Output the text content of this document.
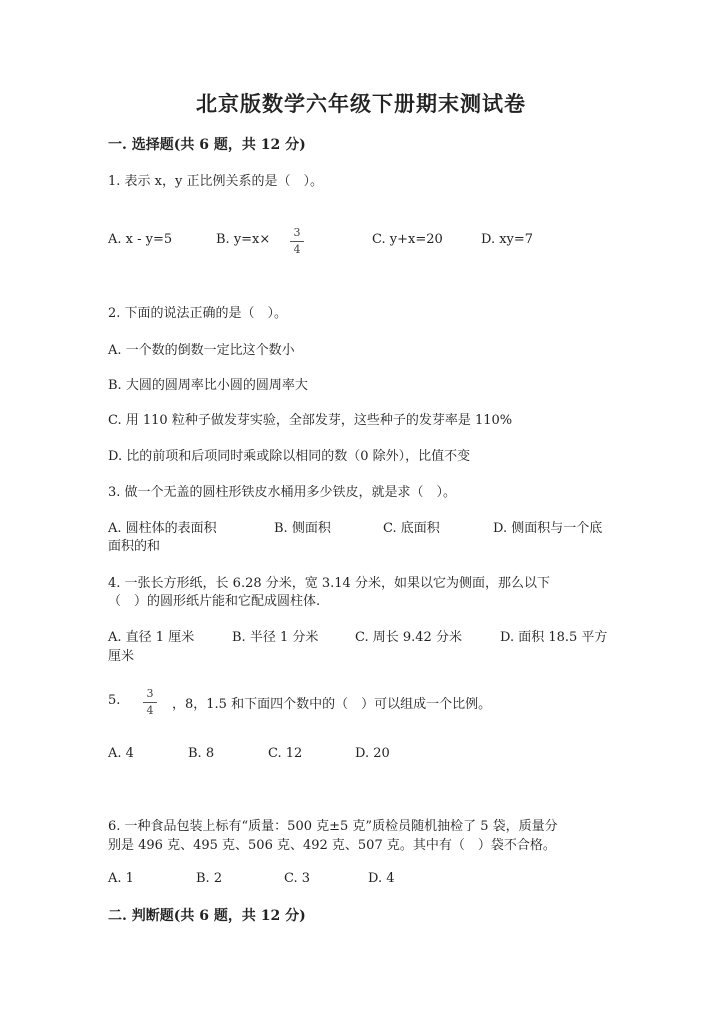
北京版数学六年级下册期末测试卷
一. 选择题(共 6 题，共 12 分)
1. 表示 x，y 正比例关系的是（　）。
A. x - y=5	B. y=x×	3
4
C. y+x=20	D. xy=7
2. 下面的说法正确的是（　）。
A. 一个数的倒数一定比这个数小
B. 大圆的圆周率比小圆的圆周率大
C. 用 110 粒种子做发芽实验，全部发芽，这些种子的发芽率是 110%
D. 比的前项和后项同时乘或除以相同的数（0 除外），比值不变
3. 做一个无盖的圆柱形铁皮水桶用多少铁皮，就是求（　）。
A. 圆柱体的表面积	B. 侧面积	C. 底面积	D. 侧面积与一个底
面积的和
4. 一张长方形纸，长 6.28 分米，宽 3.14 分米，如果以它为侧面，那么以下
（　）的圆形纸片能和它配成圆柱体.
A. 直径 1 厘米	B. 半径 1 分米	C. 周长 9.42 分米	D. 面积 18.5 平方
厘米
5.	3
4 ，8，1.5 和下面四个数中的（　）可以组成一个比例。
A. 4	B. 8	C. 12	D. 20
6. 一种食品包装上标有“质量：500 克±5 克”质检员随机抽检了 5 袋，质量分
别是 496 克、495 克、506 克、492 克、507 克。其中有（　）袋不合格。
A. 1	B. 2	C. 3	D. 4
二. 判断题(共 6 题，共 12 分)
